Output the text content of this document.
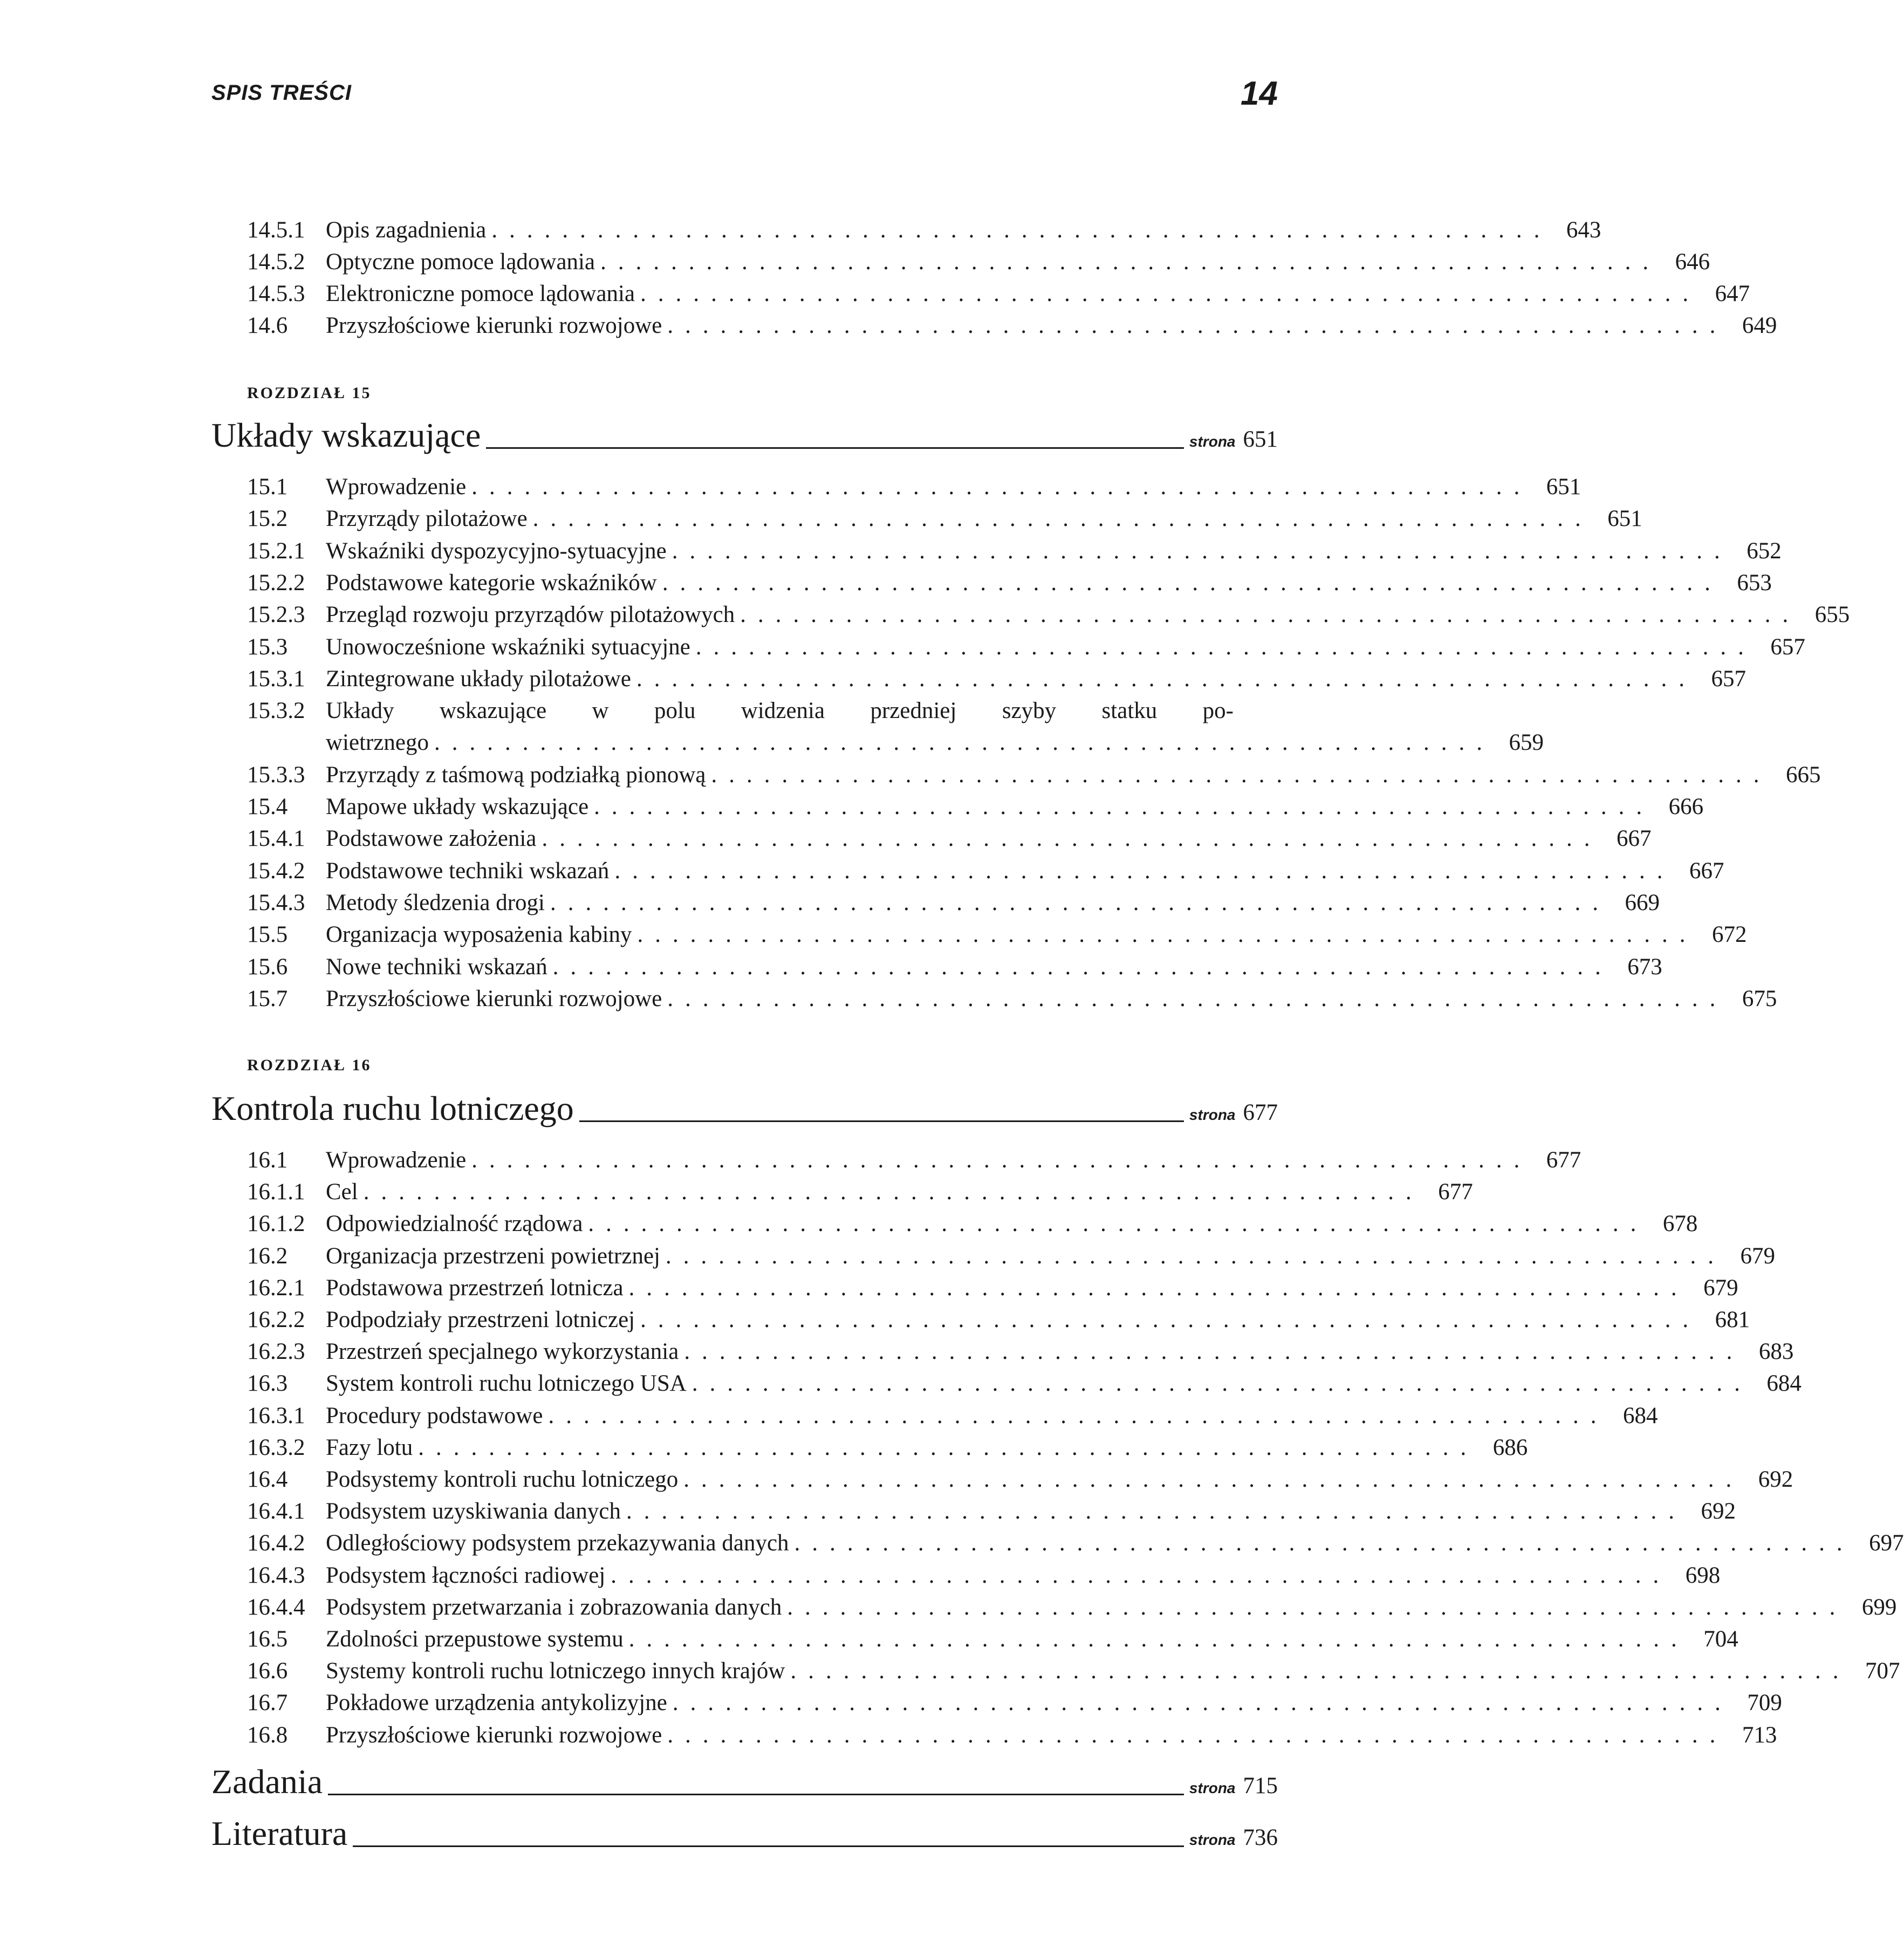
SPIS TREŚCI	14
14.5.1 Opis zagadnienia ............................................................ 643
14.5.2 Optyczne pomoce lądowania ............................................................ 646
14.5.3 Elektroniczne pomoce lądowania ............................................................ 647
14.6	Przyszłościowe kierunki rozwojowe ............................................................ 649
ROZDZIAŁ 15
Układy wskazujące	strona 651
15.1	Wprowadzenie ............................................................ 651
15.2	Przyrządy pilotażowe ............................................................ 651
15.2.1 Wskaźniki dyspozycyjno-sytuacyjne ............................................................ 652
15.2.2 Podstawowe kategorie wskaźników ............................................................ 653
15.2.3 Przegląd rozwoju przyrządów pilotażowych ............................................................ 655
15.3	Unowocześnione wskaźniki sytuacyjne ............................................................ 657
15.3.1 Zintegrowane układy pilotażowe ............................................................ 657
15.3.2 Układy wskazujące w polu widzenia przedniej szyby statku po-
wietrznego ............................................................ 659
15.3.3 Przyrządy z taśmową podziałką pionową ............................................................ 665
15.4	Mapowe układy wskazujące ............................................................ 666
15.4.1 Podstawowe założenia ............................................................ 667
15.4.2 Podstawowe techniki wskazań ............................................................ 667
15.4.3 Metody śledzenia drogi ............................................................ 669
15.5	Organizacja wyposażenia kabiny ............................................................ 672
15.6	Nowe techniki wskazań ............................................................ 673
15.7	Przyszłościowe kierunki rozwojowe ............................................................ 675
ROZDZIAŁ 16
Kontrola ruchu lotniczego	strona 677
16.1	Wprowadzenie ............................................................ 677
16.1.1 Cel ............................................................ 677
16.1.2 Odpowiedzialność rządowa ............................................................ 678
16.2	Organizacja przestrzeni powietrznej ............................................................ 679
16.2.1 Podstawowa przestrzeń lotnicza ............................................................ 679
16.2.2 Podpodziały przestrzeni lotniczej ............................................................ 681
16.2.3 Przestrzeń specjalnego wykorzystania ............................................................ 683
16.3	System kontroli ruchu lotniczego USA ............................................................ 684
16.3.1 Procedury podstawowe ............................................................ 684
16.3.2 Fazy lotu ............................................................ 686
16.4	Podsystemy kontroli ruchu lotniczego ............................................................ 692
16.4.1 Podsystem uzyskiwania danych ............................................................ 692
16.4.2 Odległościowy podsystem przekazywania danych ............................................................ 697
16.4.3 Podsystem łączności radiowej ............................................................ 698
16.4.4 Podsystem przetwarzania i zobrazowania danych ............................................................ 699
16.5	Zdolności przepustowe systemu ............................................................ 704
16.6	Systemy kontroli ruchu lotniczego innych krajów ............................................................ 707
16.7	Pokładowe urządzenia antykolizyjne ............................................................ 709
16.8	Przyszłościowe kierunki rozwojowe ............................................................ 713
Zadania	strona 715
Literatura	strona 736
